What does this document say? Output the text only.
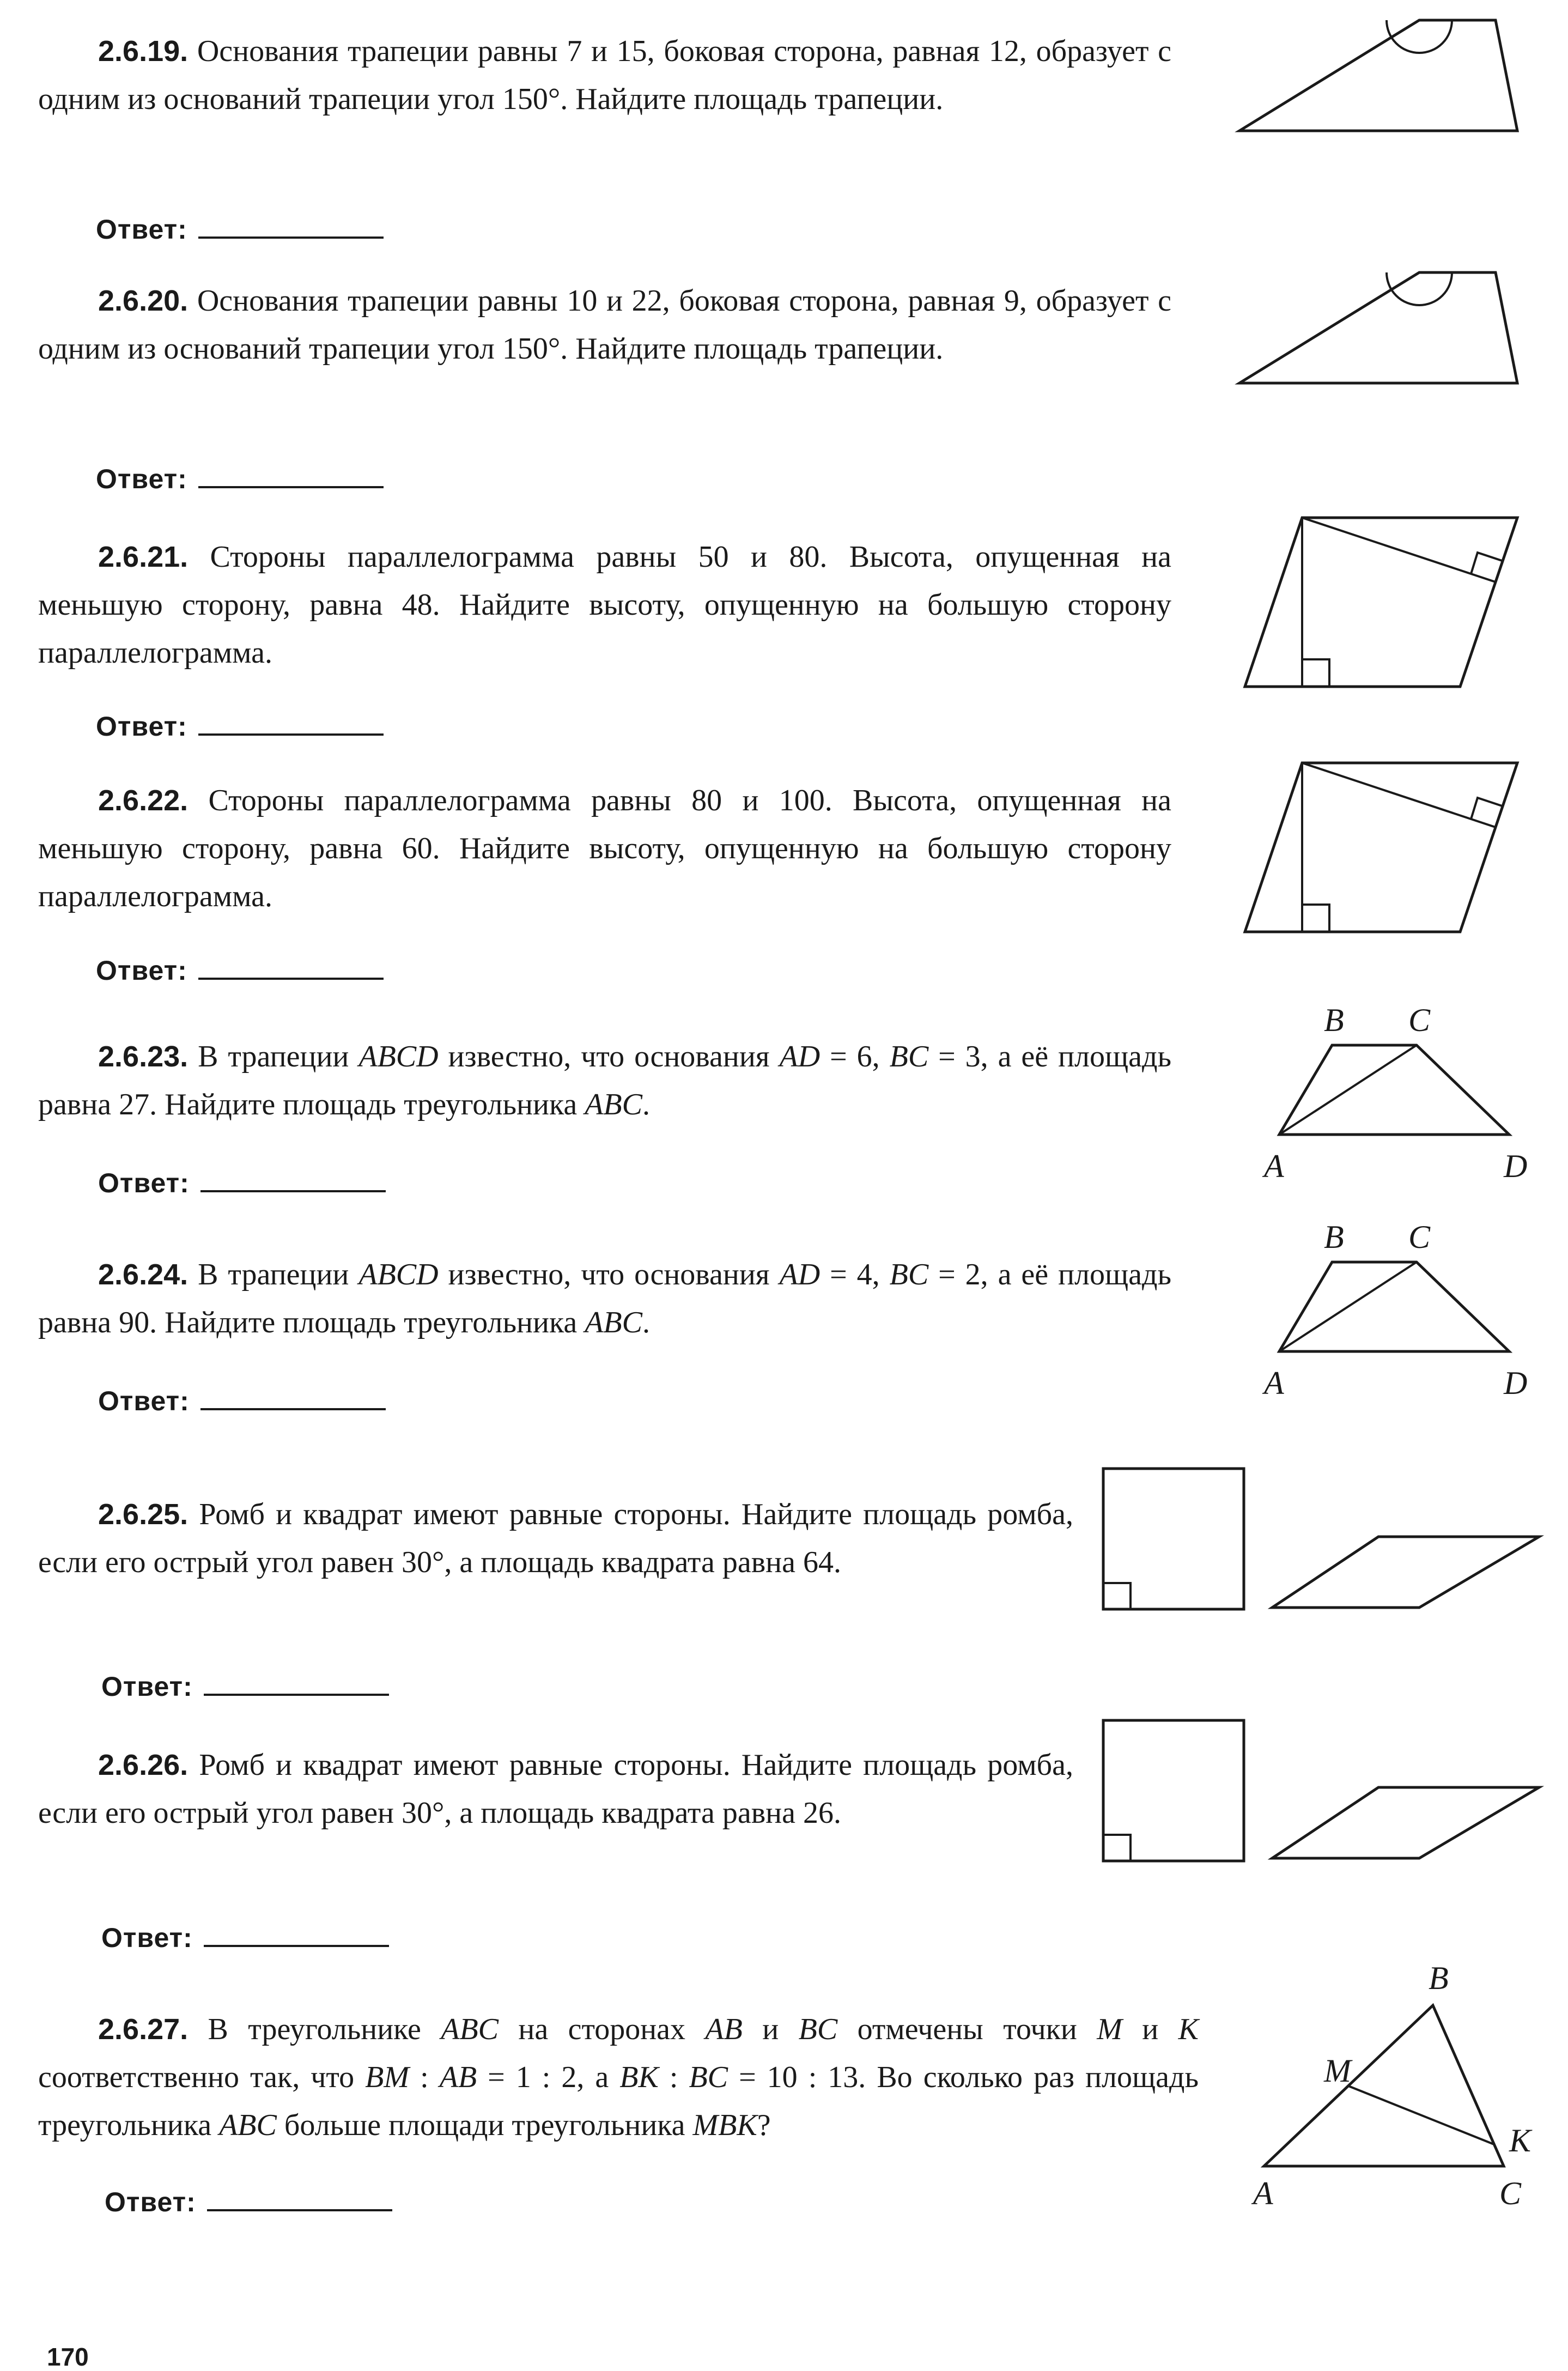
2.6.19. Основания трапеции равны 7 и 15, боковая сторона, равная 12, образует с одним из оснований трапеции угол 150°. Найдите площадь трапеции.
Ответ:
2.6.20. Основания трапеции равны 10 и 22, боковая сторона, равная 9, образует с одним из оснований трапеции угол 150°. Найдите площадь трапеции.
Ответ:
2.6.21. Стороны параллелограмма равны 50 и 80. Высота, опущенная на меньшую сторону, равна 48. Найдите высоту, опущенную на большую сторону параллелограмма.
Ответ:
2.6.22. Стороны параллелограмма равны 80 и 100. Высота, опущенная на меньшую сторону, равна 60. Найдите высоту, опущенную на большую сторону параллелограмма.
Ответ:
2.6.23. В трапеции ABCD известно, что основания AD = 6, BC = 3, а её площадь равна 27. Найдите площадь треугольника ABC.
Ответ:
B C
A	D
2.6.24. В трапеции ABCD известно, что основания AD = 4, BC = 2, а её площадь равна 90. Найдите площадь треугольника ABC.
Ответ:
B C
A	D
2.6.25. Ромб и квадрат имеют равные стороны. Найдите площадь ромба, если его острый угол равен 30°, а площадь квадрата равна 64.
Ответ:
2.6.26. Ромб и квадрат имеют равные стороны. Найдите площадь ромба, если его острый угол равен 30°, а площадь квадрата равна 26.
Ответ:
2.6.27. В треугольнике ABC на сторонах AB и BC отмечены точки M и K соответственно так, что BM : AB = 1 : 2, а BK : BC = 10 : 13. Во сколько раз площадь треугольника ABC больше площади треугольника MBK?
Ответ:
B
M
K
A	C
170
